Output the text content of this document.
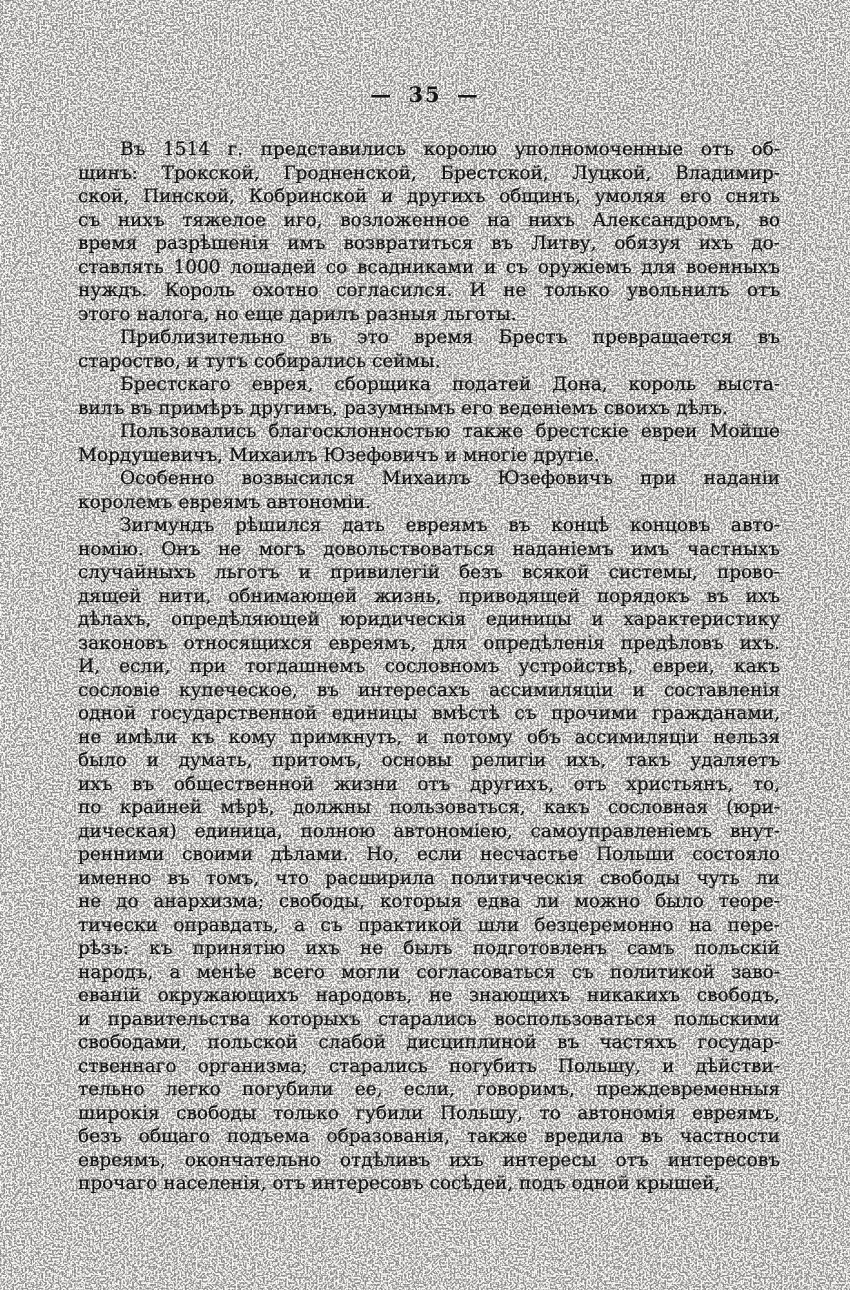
— 35 —
Въ 1514 г. представились королю уполномоченные отъ об-
щинъ: Трокской, Гродненской, Брестской, Луцкой, Владимир-
ской, Пинской, Кобринской и другихъ общинъ, умоляя его снять
съ нихъ тяжелое иго, возложенное на нихъ Александромъ, во
время разрѣшенія имъ возвратиться въ Литву, обязуя ихъ до-
ставлять 1000 лошадей со всадниками и съ оружіемъ для военныхъ
нуждъ. Король охотно согласился. И не только увольнилъ отъ
этого налога, но еще дарилъ разныя льготы.
Приблизительно въ это время Брестъ превращается въ
староство, и тутъ собирались сеймы.
Брестскаго еврея, сборщика податей Дона, король выста-
вилъ въ примѣръ другимъ, разумнымъ его веденіемъ своихъ дѣлъ.
Пользовались благосклонностью также брестскіе евреи Мойше
Мордушевичъ, Михаилъ Юзефовичъ и многіе другіе.
Особенно возвысился Михаилъ Юзефовичъ при наданіи
королемъ евреямъ автономіи.
Зигмундъ рѣшился дать евреямъ въ концѣ концовъ авто-
номію. Онъ не могъ довольствоваться наданіемъ имъ частныхъ
случайныхъ льготъ и привилегій безъ всякой системы, прово-
дящей нити, обнимающей жизнь, приводящей порядокъ въ ихъ
дѣлахъ, опредѣляющей юридическія единицы и характеристику
законовъ относящихся евреямъ, для опредѣленія предѣловъ ихъ.
И, если, при тогдашнемъ сословномъ устройствѣ, евреи, какъ
сословіе купеческое, въ интересахъ ассимиляціи и составленія
одной государственной единицы вмѣстѣ съ прочими гражданами,
не имѣли къ кому примкнуть, и потому объ ассимиляціи нельзя
было и думать, притомъ, основы религіи ихъ, такъ удаляетъ
ихъ въ общественной жизни отъ другихъ, отъ христьянъ, то,
по крайней мѣрѣ, должны пользоваться, какъ сословная (юри-
дическая) единица, полною автономіею, самоуправленіемъ внут-
ренними своими дѣлами. Но, если несчастье Польши состояло
именно въ томъ, что расширила политическія свободы чуть ли
не до анархизма; свободы, которыя едва ли можно было теоре-
тически оправдать, а съ практикой шли безцеремонно на пере-
рѣзъ: къ принятію ихъ не былъ подготовленъ самъ польскій
народъ, а менѣе всего могли согласоваться съ политикой заво-
еваній окружающихъ народовъ, не знающихъ никакихъ свободъ,
и правительства которыхъ старались воспользоваться польскими
свободами, польской слабой дисциплиной въ частяхъ государ-
ственнаго организма; старались погубить Польшу, и дѣйстви-
тельно легко погубили ее, если, говоримъ, преждевременныя
широкія свободы только губили Польшу, то автономія евреямъ,
безъ общаго подъема образованія, также вредила въ частности
евреямъ, окончательно отдѣливъ ихъ интересы отъ интересовъ
прочаго населенія, отъ интересовъ сосѣдей, подъ одной крышей,
